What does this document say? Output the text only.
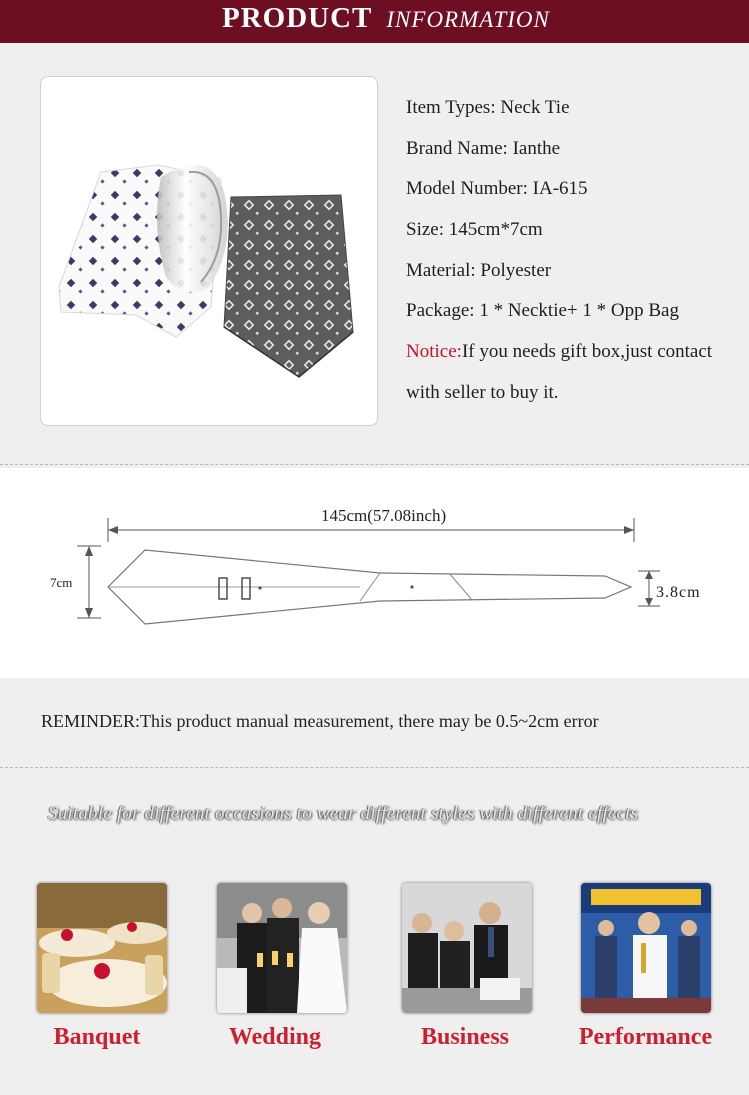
PRODUCT INFORMATION
Item Types: Neck Tie
Brand Name: Ianthe
Model Number: IA-615
Size: 145cm*7cm
Material: Polyester
Package: 1 * Necktie+ 1 * Opp Bag
Notice:If you needs gift box,just contact
with seller to buy it.
145cm(57.08inch)
7cm
3.8cm
REMINDER:This product manual measurement, there may be 0.5~2cm error
Suitable for different occasions to wear different styles with different effects
Banquet	Wedding	Business	Performance
